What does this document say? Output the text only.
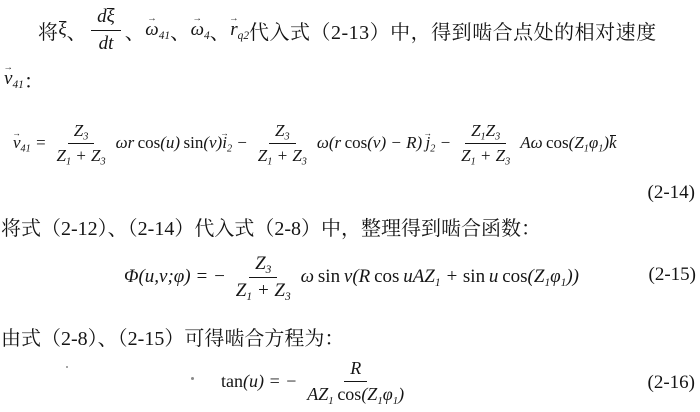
将 ξ 、 $\frac{d\xi}{dt}$ 、 → $\omega_{41}$ 、 → $\omega_4$ 、 → $r_{q2}$ 代入式（2-13）中，得到啮合点处的相对速度
→ $v_{41}$ ：
→ $v_{41} = \frac{Z_3}{Z_1 + Z_3}$ ωr cos(u) $\sin(v)\to i_2 - \frac{Z_3}{Z_1 + Z_3} \omega(r$ $\cos(v) - R) \to j_2 - \frac{Z_1Z_3}{Z_1 + Z_3}$ Aω $\cos(Z_1\varphi_1)k$
(2-14)
将式（2-12）、（2-14）代入式（2-8）中，整理得到啮合函数：
Φ(u,v;φ) = − $\frac{Z_3}{Z_1 + Z_3}$ ω sin v(R cos uAZ$_1$ + sin u $\cos(Z_1\varphi_1)$)	(2-15)
由式（2-8）、（2-15）可得啮合方程为：
tan(u) = − $\frac{R}{AZ_1 \cos(Z_1\varphi_1)}$	(2-16)
